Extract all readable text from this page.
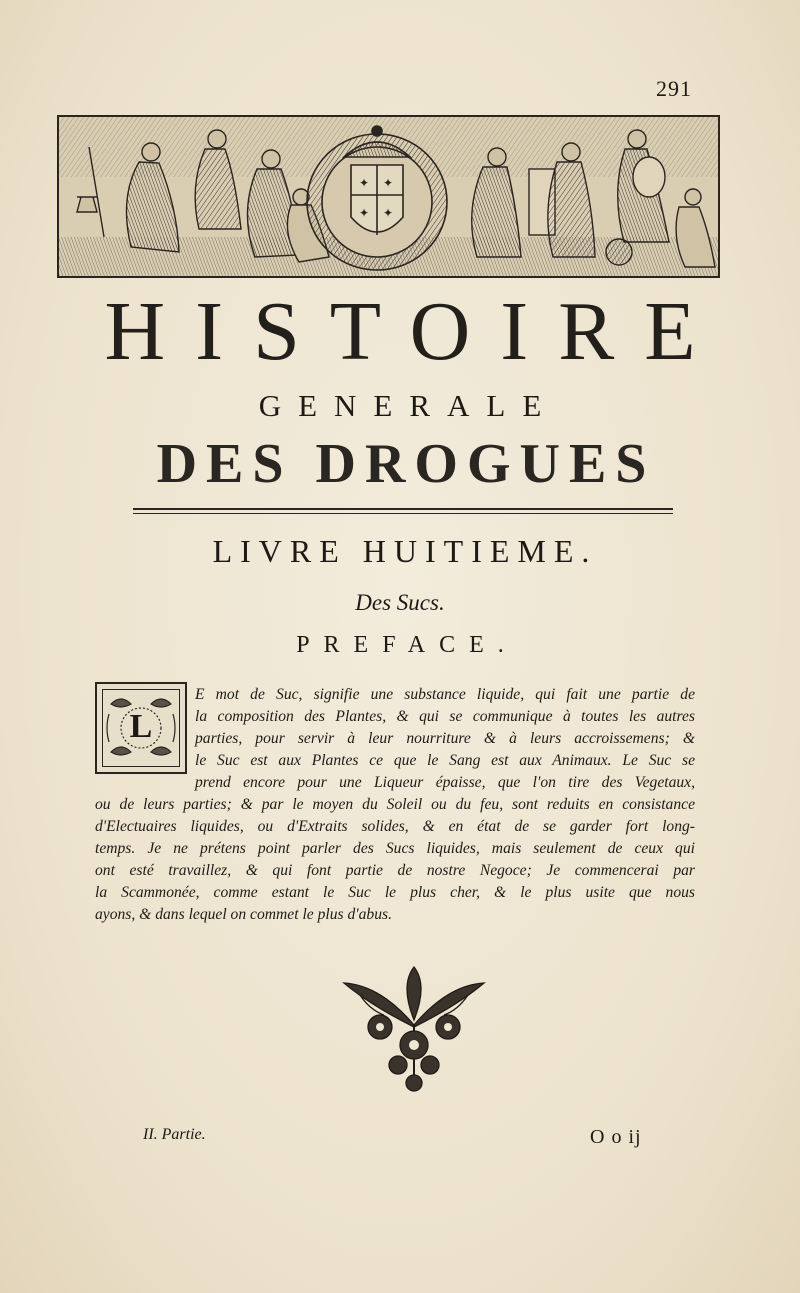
291
✦ ✦
✦ ✦
HISTOIRE
GENERALE
DES DROGUES
LIVRE HUITIEME.
Des Sucs.
PREFACE.
L
E mot de Suc, signifie une substance liquide, qui fait une partie de
la composition des Plantes, & qui se communique à toutes les autres
parties, pour servir à leur nourriture & à leurs accroissemens; &
le Suc est aux Plantes ce que le Sang est aux Animaux. Le Suc se
prend encore pour une Liqueur épaisse, que l'on tire des Vegetaux,
ou de leurs parties; & par le moyen du Soleil ou du feu, sont reduits en consistance
d'Electuaires liquides, ou d'Extraits solides, & en état de se garder fort long-
temps. Je ne prétens point parler des Sucs liquides, mais seulement de ceux qui
ont esté travaillez, & qui font partie de nostre Negoce; Je commencerai par
la Scammonée, comme estant le Suc le plus cher, & le plus usite que nous
ayons, & dans lequel on commet le plus d'abus.
II. Partie.	O o ij
